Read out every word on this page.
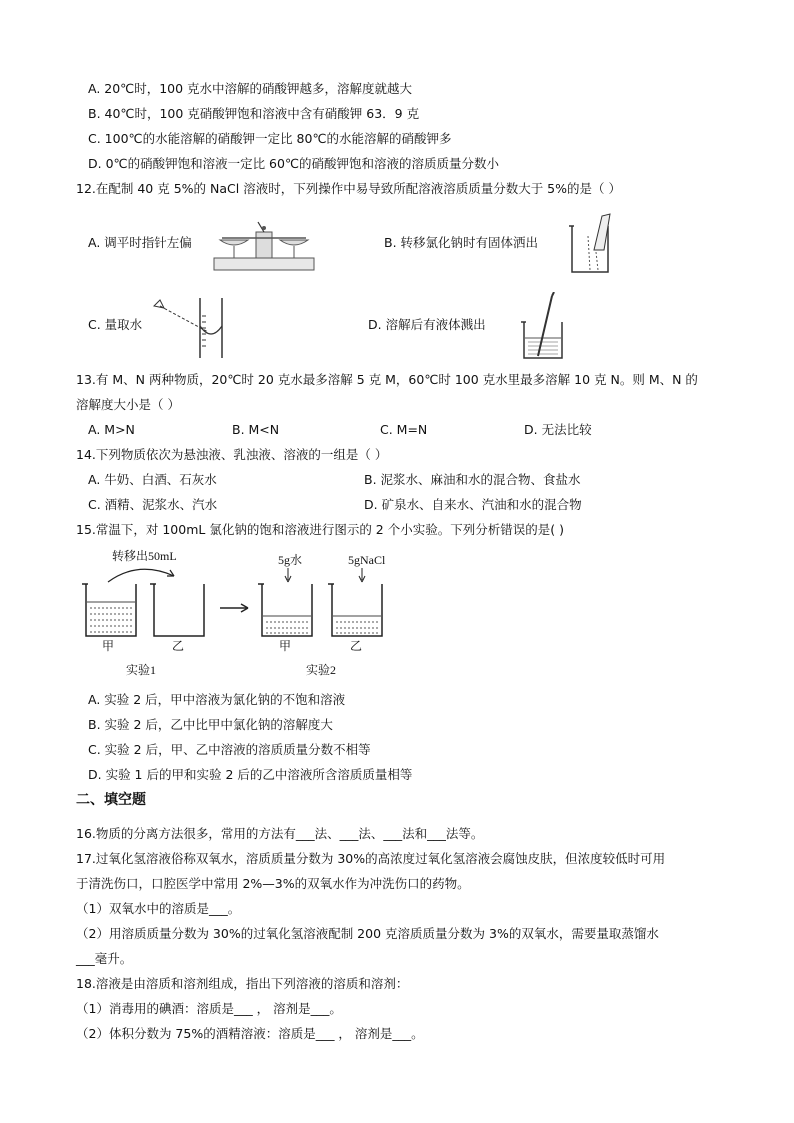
A. 20℃时，100 克水中溶解的硝酸钾越多，溶解度就越大
B. 40℃时，100 克硝酸钾饱和溶液中含有硝酸钾 63．9 克
C. 100℃的水能溶解的硝酸钾一定比 80℃的水能溶解的硝酸钾多
D. 0℃的硝酸钾饱和溶液一定比 60℃的硝酸钾饱和溶液的溶质质量分数小
12.在配制 40 克 5%的 NaCl 溶液时，下列操作中易导致所配溶液溶质质量分数大于 5%的是（ ）
A. 调平时指针左偏	B. 转移氯化钠时有固体洒出
C. 量取水	D. 溶解后有液体溅出
13.有 M、N 两种物质，20℃时 20 克水最多溶解 5 克 M，60℃时 100 克水里最多溶解 10 克 N。则 M、N 的
溶解度大小是（ ）
A. M>N	B. M<N	C. M=N	D. 无法比较
14.下列物质依次为悬浊液、乳浊液、溶液的一组是（ ）
A. 牛奶、白酒、石灰水	B. 泥浆水、麻油和水的混合物、食盐水
C. 酒精、泥浆水、汽水	D. 矿泉水、自来水、汽油和水的混合物
15.常温下，对 100mL 氯化钠的饱和溶液进行图示的 2 个小实验。下列分析错误的是( )
转移出50mL	5g水	5gNaCl
甲	乙	甲	乙
实验1	实验2
A. 实验 2 后，甲中溶液为氯化钠的不饱和溶液
B. 实验 2 后，乙中比甲中氯化钠的溶解度大
C. 实验 2 后，甲、乙中溶液的溶质质量分数不相等
D. 实验 1 后的甲和实验 2 后的乙中溶液所含溶质质量相等
二、填空题
16.物质的分离方法很多，常用的方法有___法、___法、___法和___法等。
17.过氧化氢溶液俗称双氧水，溶质质量分数为 30%的高浓度过氧化氢溶液会腐蚀皮肤，但浓度较低时可用
于清洗伤口，口腔医学中常用 2%—3%的双氧水作为冲洗伤口的药物。
（1）双氧水中的溶质是___。
（2）用溶质质量分数为 30%的过氧化氢溶液配制 200 克溶质质量分数为 3%的双氧水，需要量取蒸馏水
___毫升。
18.溶液是由溶质和溶剂组成，指出下列溶液的溶质和溶剂：
（1）消毒用的碘酒：溶质是___ ， 溶剂是___。
（2）体积分数为 75%的酒精溶液：溶质是___ ， 溶剂是___。
